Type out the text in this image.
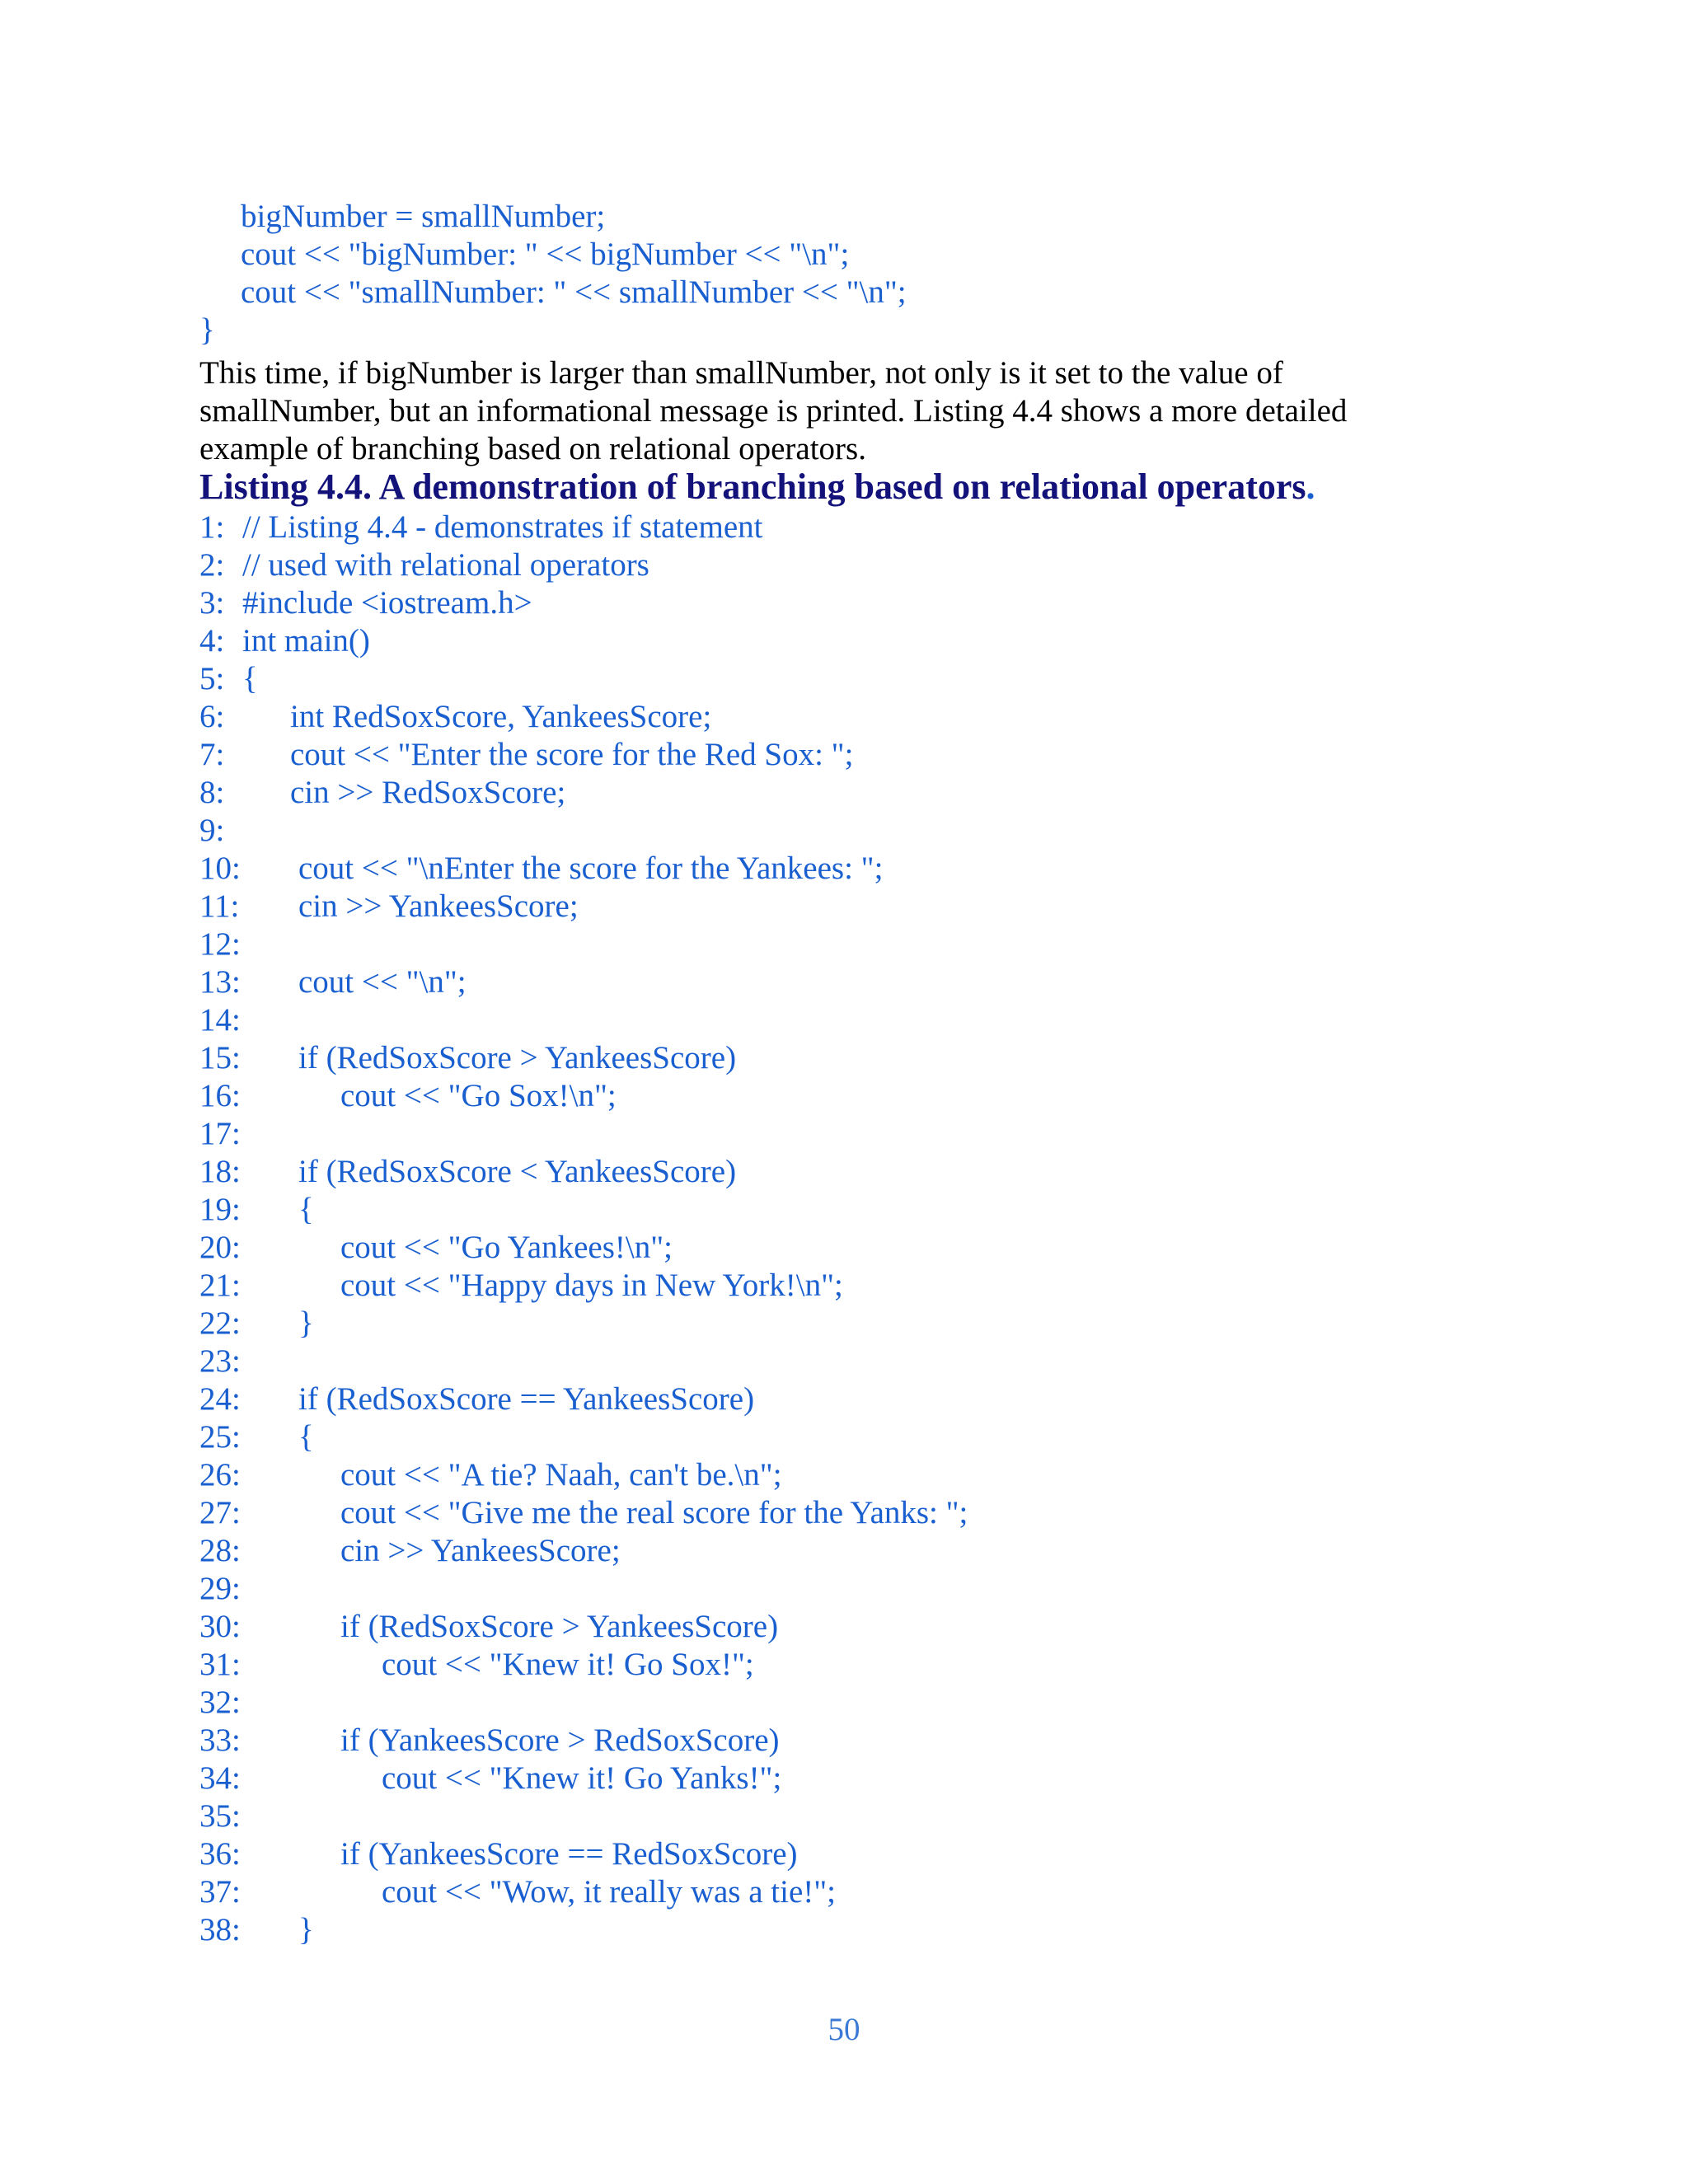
bigNumber = smallNumber;
cout << "bigNumber: " << bigNumber << "\n";
cout << "smallNumber: " << smallNumber << "\n";
}
This time, if bigNumber is larger than smallNumber, not only is it set to the value of
smallNumber, but an informational message is printed. Listing 4.4 shows a more detailed
example of branching based on relational operators.
Listing 4.4. A demonstration of branching based on relational operators.
1: // Listing 4.4 - demonstrates if statement
2: // used with relational operators
3: #include <iostream.h>
4: int main()
5: {
6: int RedSoxScore, YankeesScore;
7: cout << "Enter the score for the Red Sox: ";
8: cin >> RedSoxScore;
9:
10: cout << "\nEnter the score for the Yankees: ";
11: cin >> YankeesScore;
12:
13: cout << "\n";
14:
15: if (RedSoxScore > YankeesScore)
16:	cout << "Go Sox!\n";
17:
18: if (RedSoxScore < YankeesScore)
19: {
20:	cout << "Go Yankees!\n";
21:	cout << "Happy days in New York!\n";
22: }
23:
24: if (RedSoxScore == YankeesScore)
25: {
26:	cout << "A tie? Naah, can't be.\n";
27:	cout << "Give me the real score for the Yanks: ";
28:	cin >> YankeesScore;
29:
30:	if (RedSoxScore > YankeesScore)
31:	cout << "Knew it! Go Sox!";
32:
33:	if (YankeesScore > RedSoxScore)
34:	cout << "Knew it! Go Yanks!";
35:
36:	if (YankeesScore == RedSoxScore)
37:	cout << "Wow, it really was a tie!";
38: }
50
